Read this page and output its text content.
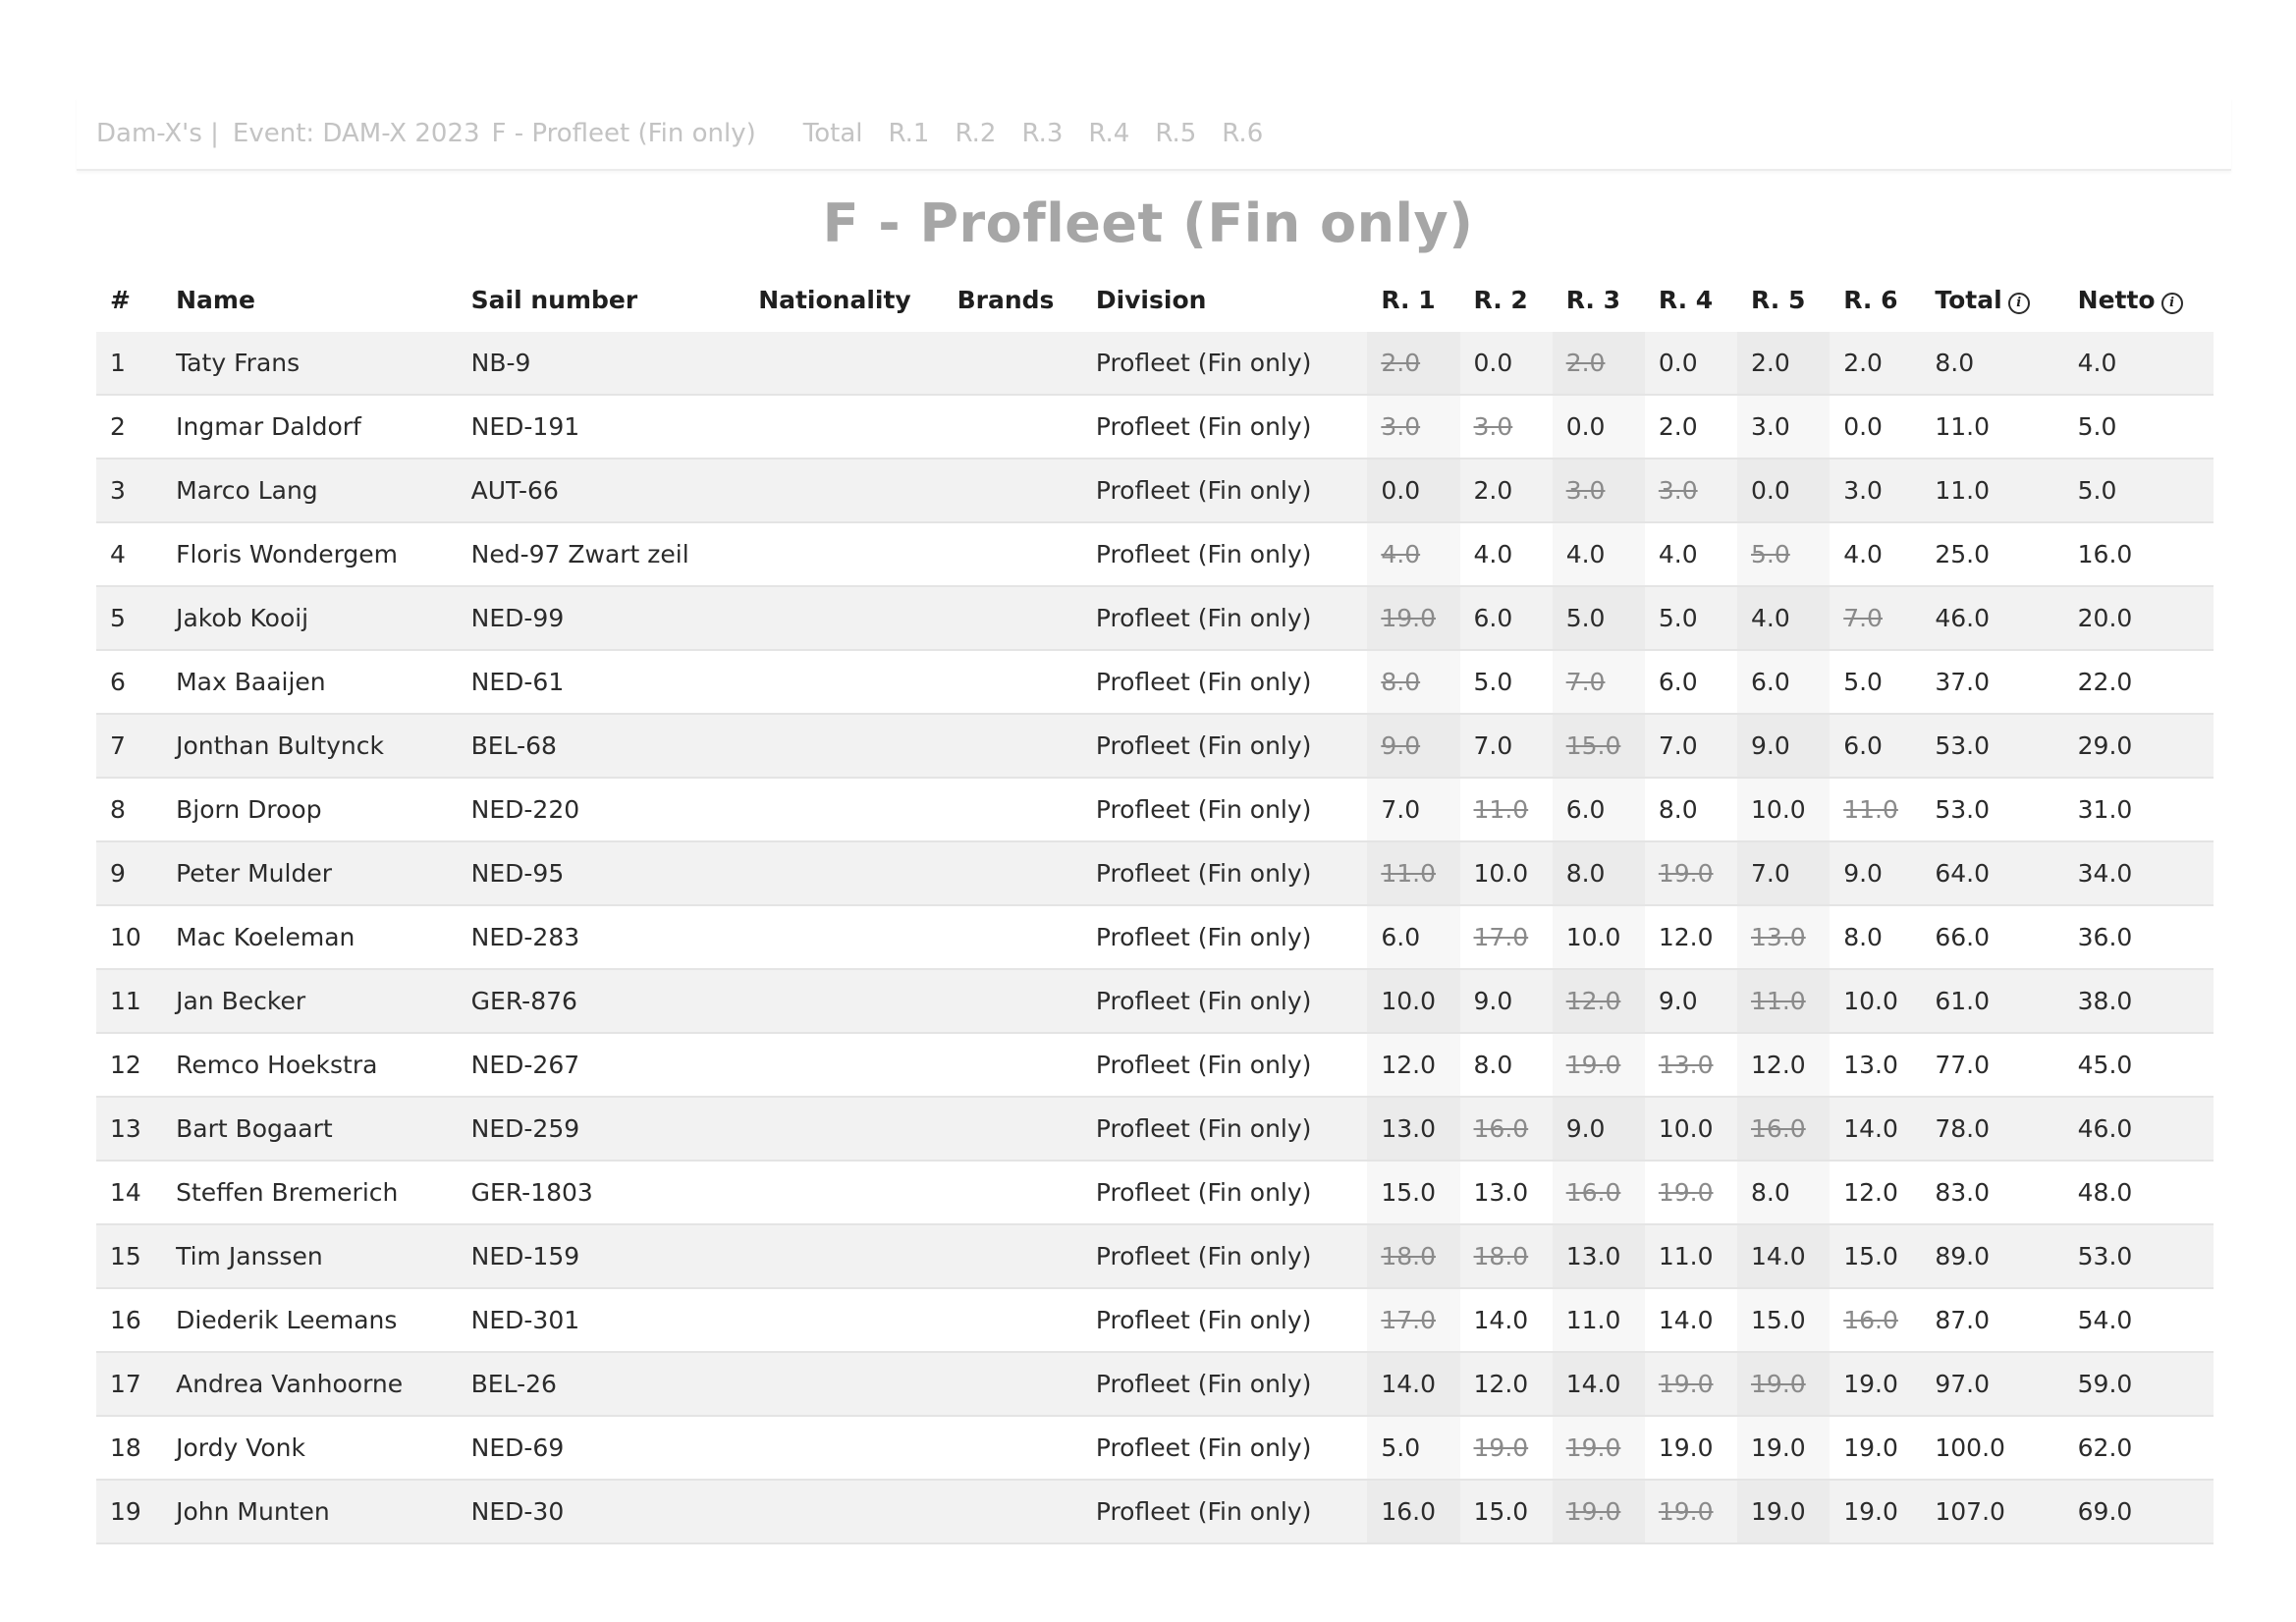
Dam-X's | Event: DAM-X 2023 F - Profleet (Fin only) Total R.1 R.2 R.3 R.4 R.5 R.6
F - Profleet (Fin only)
#	Name	Sail number	Nationality	Brands	Division	R. 1	R. 2	R. 3	R. 4	R. 5	R. 6	Total i	Netto i
1	Taty Frans	NB-9			Profleet (Fin only)	2.0	0.0	2.0	0.0	2.0	2.0	8.0	4.0
2	Ingmar Daldorf	NED-191			Profleet (Fin only)	3.0	3.0	0.0	2.0	3.0	0.0	11.0	5.0
3	Marco Lang	AUT-66			Profleet (Fin only)	0.0	2.0	3.0	3.0	0.0	3.0	11.0	5.0
4	Floris Wondergem	Ned-97 Zwart zeil			Profleet (Fin only)	4.0	4.0	4.0	4.0	5.0	4.0	25.0	16.0
5	Jakob Kooij	NED-99			Profleet (Fin only)	19.0	6.0	5.0	5.0	4.0	7.0	46.0	20.0
6	Max Baaijen	NED-61			Profleet (Fin only)	8.0	5.0	7.0	6.0	6.0	5.0	37.0	22.0
7	Jonthan Bultynck	BEL-68			Profleet (Fin only)	9.0	7.0	15.0	7.0	9.0	6.0	53.0	29.0
8	Bjorn Droop	NED-220			Profleet (Fin only)	7.0	11.0	6.0	8.0	10.0	11.0	53.0	31.0
9	Peter Mulder	NED-95			Profleet (Fin only)	11.0	10.0	8.0	19.0	7.0	9.0	64.0	34.0
10	Mac Koeleman	NED-283			Profleet (Fin only)	6.0	17.0	10.0	12.0	13.0	8.0	66.0	36.0
11	Jan Becker	GER-876			Profleet (Fin only)	10.0	9.0	12.0	9.0	11.0	10.0	61.0	38.0
12	Remco Hoekstra	NED-267			Profleet (Fin only)	12.0	8.0	19.0	13.0	12.0	13.0	77.0	45.0
13	Bart Bogaart	NED-259			Profleet (Fin only)	13.0	16.0	9.0	10.0	16.0	14.0	78.0	46.0
14	Steffen Bremerich	GER-1803			Profleet (Fin only)	15.0	13.0	16.0	19.0	8.0	12.0	83.0	48.0
15	Tim Janssen	NED-159			Profleet (Fin only)	18.0	18.0	13.0	11.0	14.0	15.0	89.0	53.0
16	Diederik Leemans	NED-301			Profleet (Fin only)	17.0	14.0	11.0	14.0	15.0	16.0	87.0	54.0
17	Andrea Vanhoorne	BEL-26			Profleet (Fin only)	14.0	12.0	14.0	19.0	19.0	19.0	97.0	59.0
18	Jordy Vonk	NED-69			Profleet (Fin only)	5.0	19.0	19.0	19.0	19.0	19.0	100.0	62.0
19	John Munten	NED-30			Profleet (Fin only)	16.0	15.0	19.0	19.0	19.0	19.0	107.0	69.0
